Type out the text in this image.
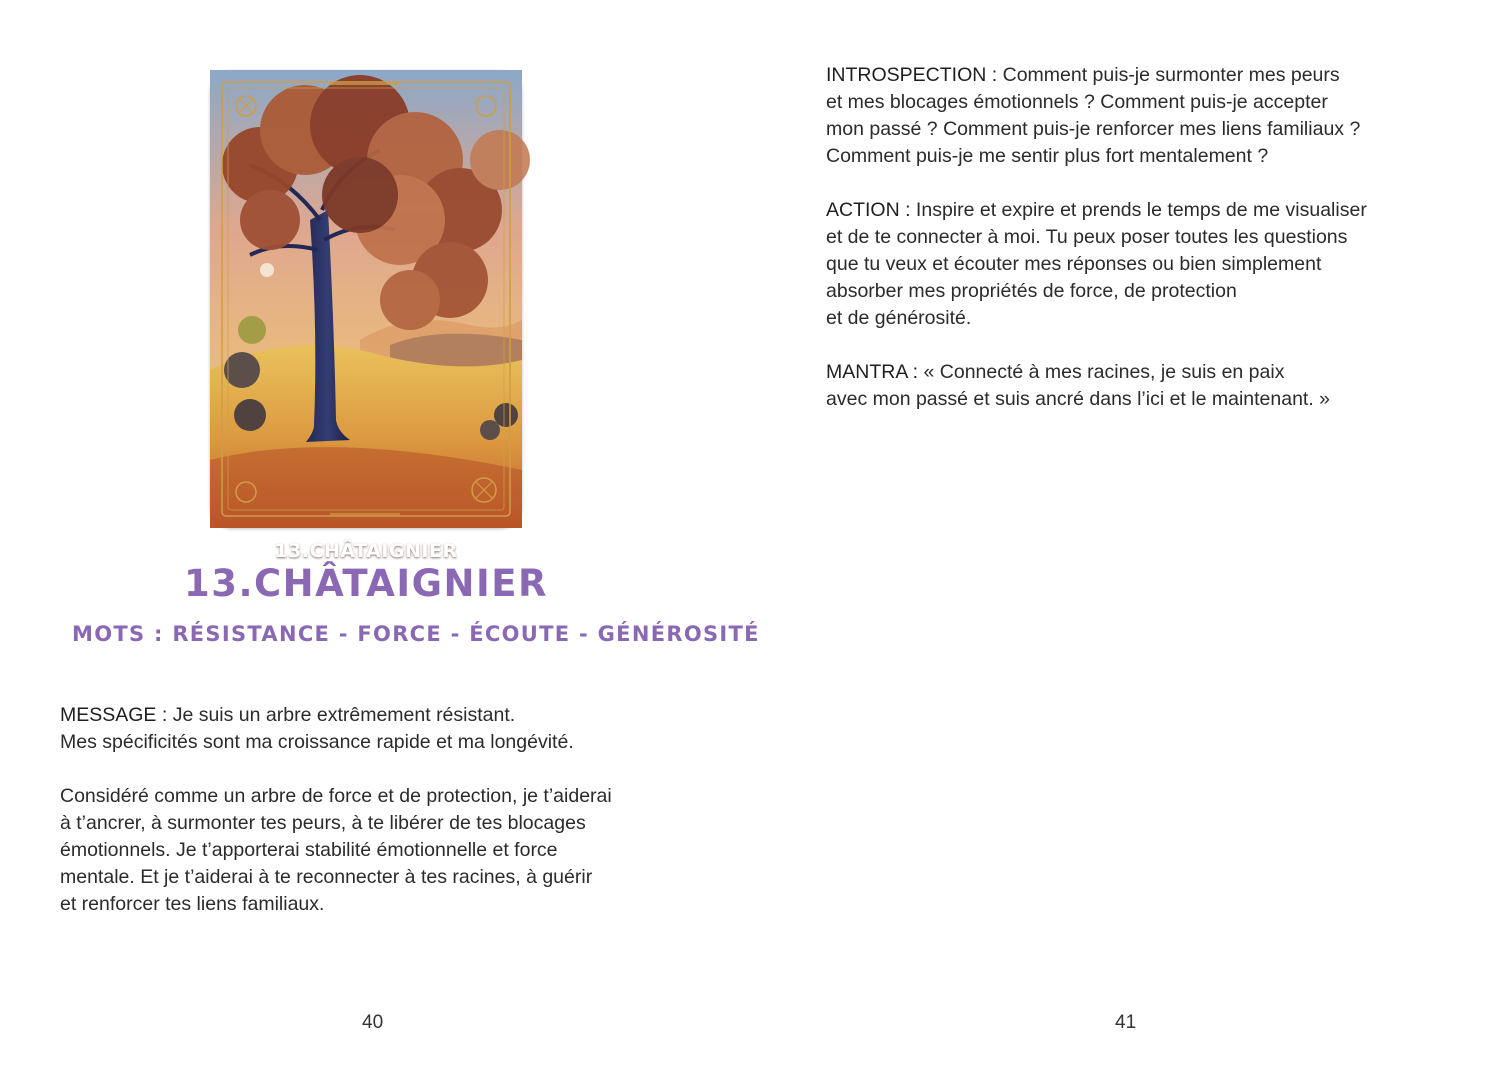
13.CHÂTAIGNIER
13.CHÂTAIGNIER
MOTS : RÉSISTANCE - FORCE - ÉCOUTE - GÉNÉROSITÉ

MESSAGE : Je suis un arbre extrêmement résistant.
Mes spécificités sont ma croissance rapide et ma longévité.

Considéré comme un arbre de force et de protection, je t’aiderai
à t’ancrer, à surmonter tes peurs, à te libérer de tes blocages
émotionnels. Je t’apporterai stabilité émotionnelle et force
mentale. Et je t’aiderai à te reconnecter à tes racines, à guérir
et renforcer tes liens familiaux.

40

INTROSPECTION : Comment puis-je surmonter mes peurs
et mes blocages émotionnels ? Comment puis-je accepter
mon passé ? Comment puis-je renforcer mes liens familiaux ?
Comment puis-je me sentir plus fort mentalement ?

ACTION : Inspire et expire et prends le temps de me visualiser
et de te connecter à moi. Tu peux poser toutes les questions
que tu veux et écouter mes réponses ou bien simplement
absorber mes propriétés de force, de protection
et de générosité.

MANTRA : « Connecté à mes racines, je suis en paix
avec mon passé et suis ancré dans l’ici et le maintenant. »

41
